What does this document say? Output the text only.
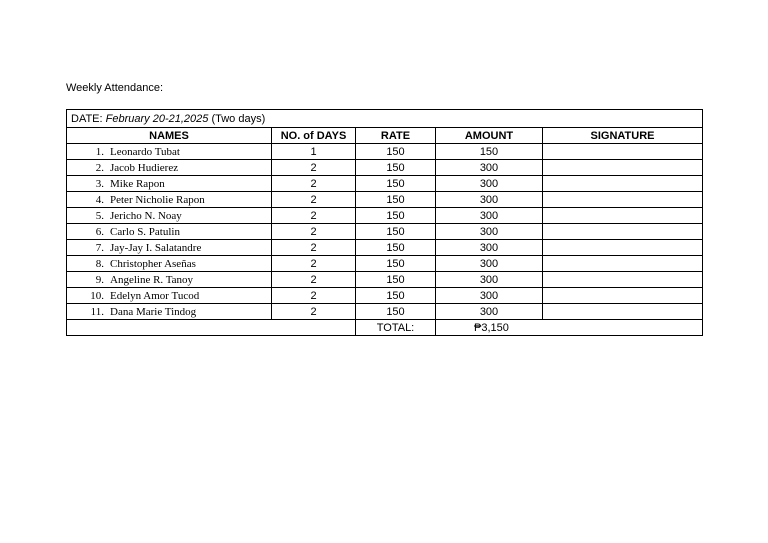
Weekly Attendance:
DATE: February 20-21,2025 (Two days)				
NAMES	NO. of DAYS	RATE	AMOUNT	SIGNATURE
1. Leonardo Tubat	1	150	150	
2. Jacob Hudierez	2	150	300	
3. Mike Rapon	2	150	300	
4. Peter Nicholie Rapon	2	150	300	
5. Jericho N. Noay	2	150	300	
6. Carlo S. Patulin	2	150	300	
7. Jay-Jay I. Salatandre	2	150	300	
8. Christopher Aseñas	2	150	300	
9. Angeline R. Tanoy	2	150	300	
10. Edelyn Amor Tucod	2	150	300	
11. Dana Marie Tindog	2	150	300	
		TOTAL:	₱3,150	
